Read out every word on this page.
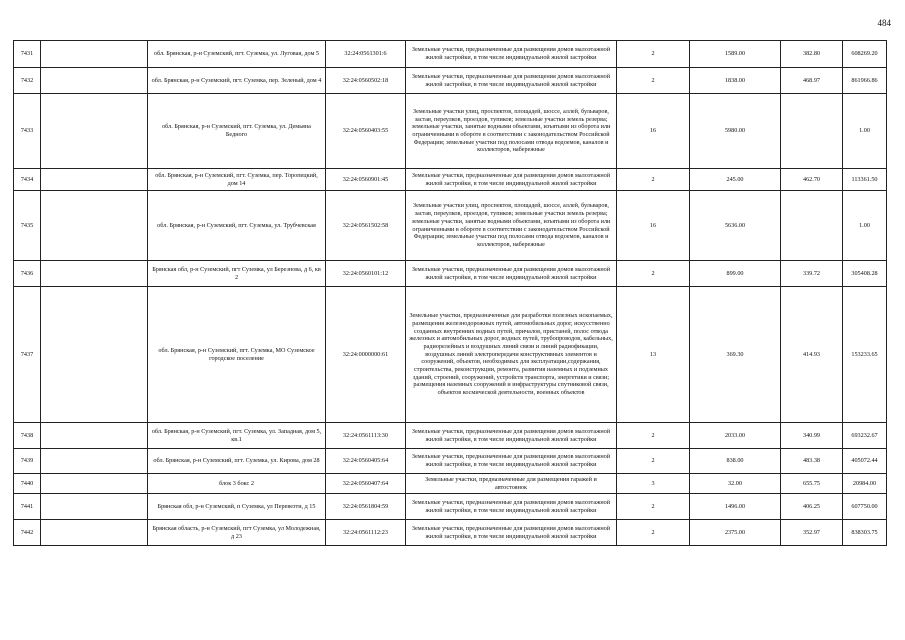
484
7431		обл. Брянская, р-н Суземский, пгт. Суземка, ул. Луговая, дом 5	32:24:0561301:6	Земельные участки, предназначенные для размещения домов малоэтажной жилой застройки, в том числе индивидуальной жилой застройки	2	1589.00	382.80	608269.20
7432		обл. Брянская, р-н Суземский, пгт. Суземка, пер. Зеленый, дом 4	32:24:0560502:18	Земельные участки, предназначенные для размещения домов малоэтажной жилой застройки, в том числе индивидуальной жилой застройки	2	1838.00	468.97	861966.86
7433		обл. Брянская, р-н Суземский, пгт. Суземка, ул. Демьяна Бедного	32:24:0560403:55	Земельные участки улиц, проспектов, площадей, шоссе, аллей, бульваров, застав, переулков, проездов, тупиков; земельные участки земель резерва; земельные участки, занятые водными объектами, изъятыми из оборота или ограниченными в обороте в соответствии с законодательством Российской Федерации; земельные участки под полосами отвода водоемов, каналов и коллекторов, набережные	16	5980.00		1.00
7434		обл. Брянская, р-н Суземский, пгт. Суземка, пер. Торопецкий, дом 14	32:24:0560901:45	Земельные участки, предназначенные для размещения домов малоэтажной жилой застройки, в том числе индивидуальной жилой застройки	2	245.00	462.70	113361.50
7435		обл. Брянская, р-н Суземский, пгт. Суземка, ул. Трубчевская	32:24:0561502:58	Земельные участки улиц, проспектов, площадей, шоссе, аллей, бульваров, застав, переулков, проездов, тупиков; земельные участки земель резерва; земельные участки, занятые водными объектами, изъятыми из оборота или ограниченными в обороте в соответствии с законодательством Российской Федерации; земельные участки под полосами отвода водоемов, каналов и коллекторов, набережные	16	5636.00		1.00
7436		Брянская обл, р-н Суземский, пгт Суземка, ул Березнова, д 6, кв 2	32:24:0560101:12	Земельные участки, предназначенные для размещения домов малоэтажной жилой застройки, в том числе индивидуальной жилой застройки	2	899.00	339.72	305408.28
7437		обл. Брянская, р-н Суземский, пгт. Суземка, МО Суземское городское поселение	32:24:0000000:61	Земельные участки, предназначенные для разработки полезных ископаемых, размещения железнодорожных путей, автомобильных дорог, искусственно созданных внутренних водных путей, причалов, пристаней, полос отвода железных и автомобильных дорог, водных путей, трубопроводов, кабельных, радиорелейных и воздушных линий связи и линий радиофикации, воздушных линий электропередачи конструктивных элементов и сооружений, объектов, необходимых для эксплуатации,содержания, строительства, реконструкции, ремонта, развития наземных и подземных зданий, строений, сооружений, устройств транспорта, энергетики и связи; размещения наземных сооружений и инфраструктуры спутниковой связи, объектов космической деятельности, военных объектов	13	369.30	414.93	153233.65
7438		обл. Брянская, р-н Суземский, пгт. Суземка, ул. Западная, дом 5, кв.1	32:24:0561113:30	Земельные участки, предназначенные для размещения домов малоэтажной жилой застройки, в том числе индивидуальной жилой застройки	2	2033.00	340.99	693232.67
7439		обл. Брянская, р-н Суземский, пгт. Суземка, ул. Кирова, дом 28	32:24:0560405:64	Земельные участки, предназначенные для размещения домов малоэтажной жилой застройки, в том числе индивидуальной жилой застройки	2	838.00	483.38	405072.44
7440		блок 3 бокс 2	32:24:0560407:64	Земельные участки, предназначенные для размещения гаражей и автостоянок	3	32.00	655.75	20984.00
7441		Брянская обл, р-н Суземский, п Суземка, ул Перевезти, д 15	32:24:0561804:59	Земельные участки, предназначенные для размещения домов малоэтажной жилой застройки, в том числе индивидуальной жилой застройки	2	1496.00	406.25	607750.00
7442		Брянская область, р-н Суземский, пгт Суземка, ул Молодежная, д 23	32:24:0561112:23	Земельные участки, предназначенные для размещения домов малоэтажной жилой застройки, в том числе индивидуальной жилой застройки	2	2375.00	352.97	838303.75
